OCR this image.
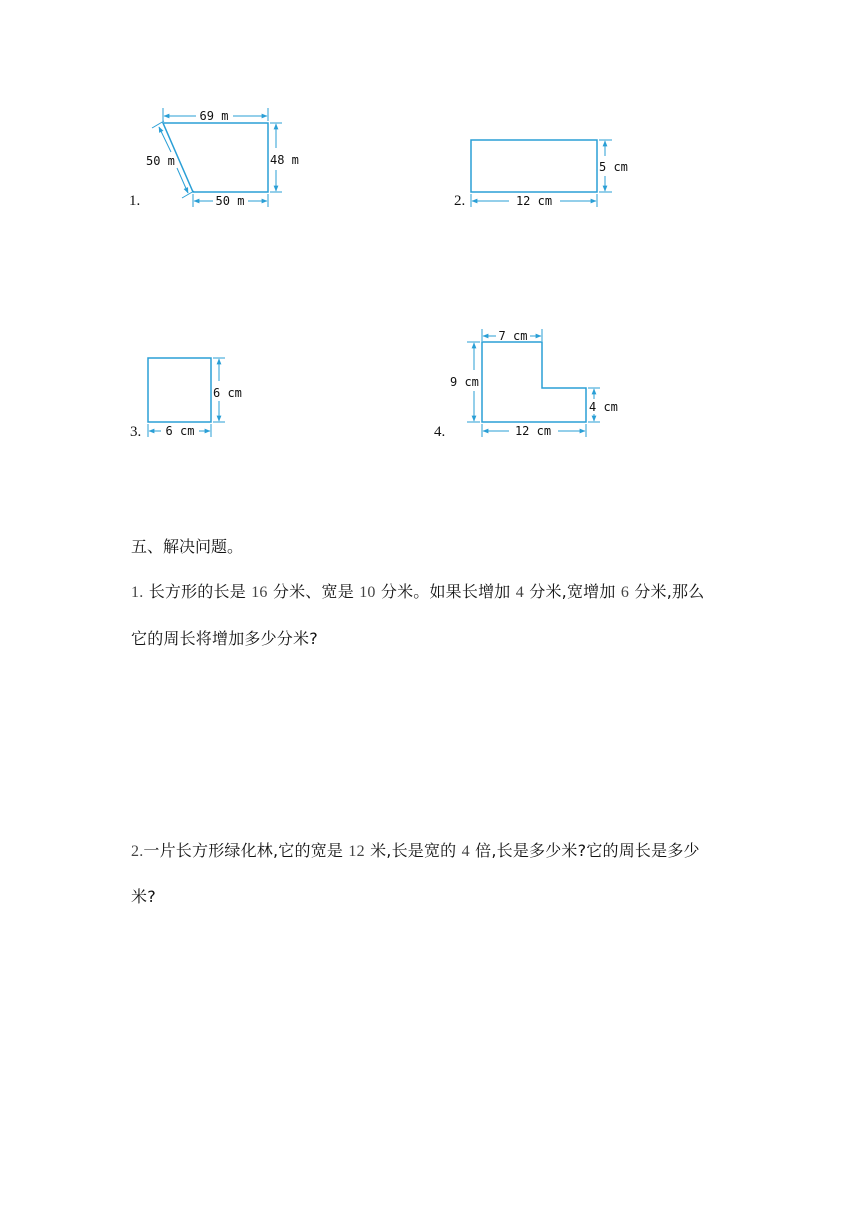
1.
69 m
48 m
50 m
50 m	2.
5 cm
12 cm
3.
6 cm
6 cm	4.
7 cm
9 cm
4 cm
12 cm
五、解决问题。
1. 长方形的长是 16 分米、宽是 10 分米。如果长增加 4 分米,宽增加 6 分米,那么
它的周长将增加多少分米?
2.一片长方形绿化林,它的宽是 12 米,长是宽的 4 倍,长是多少米?它的周长是多少
米?
